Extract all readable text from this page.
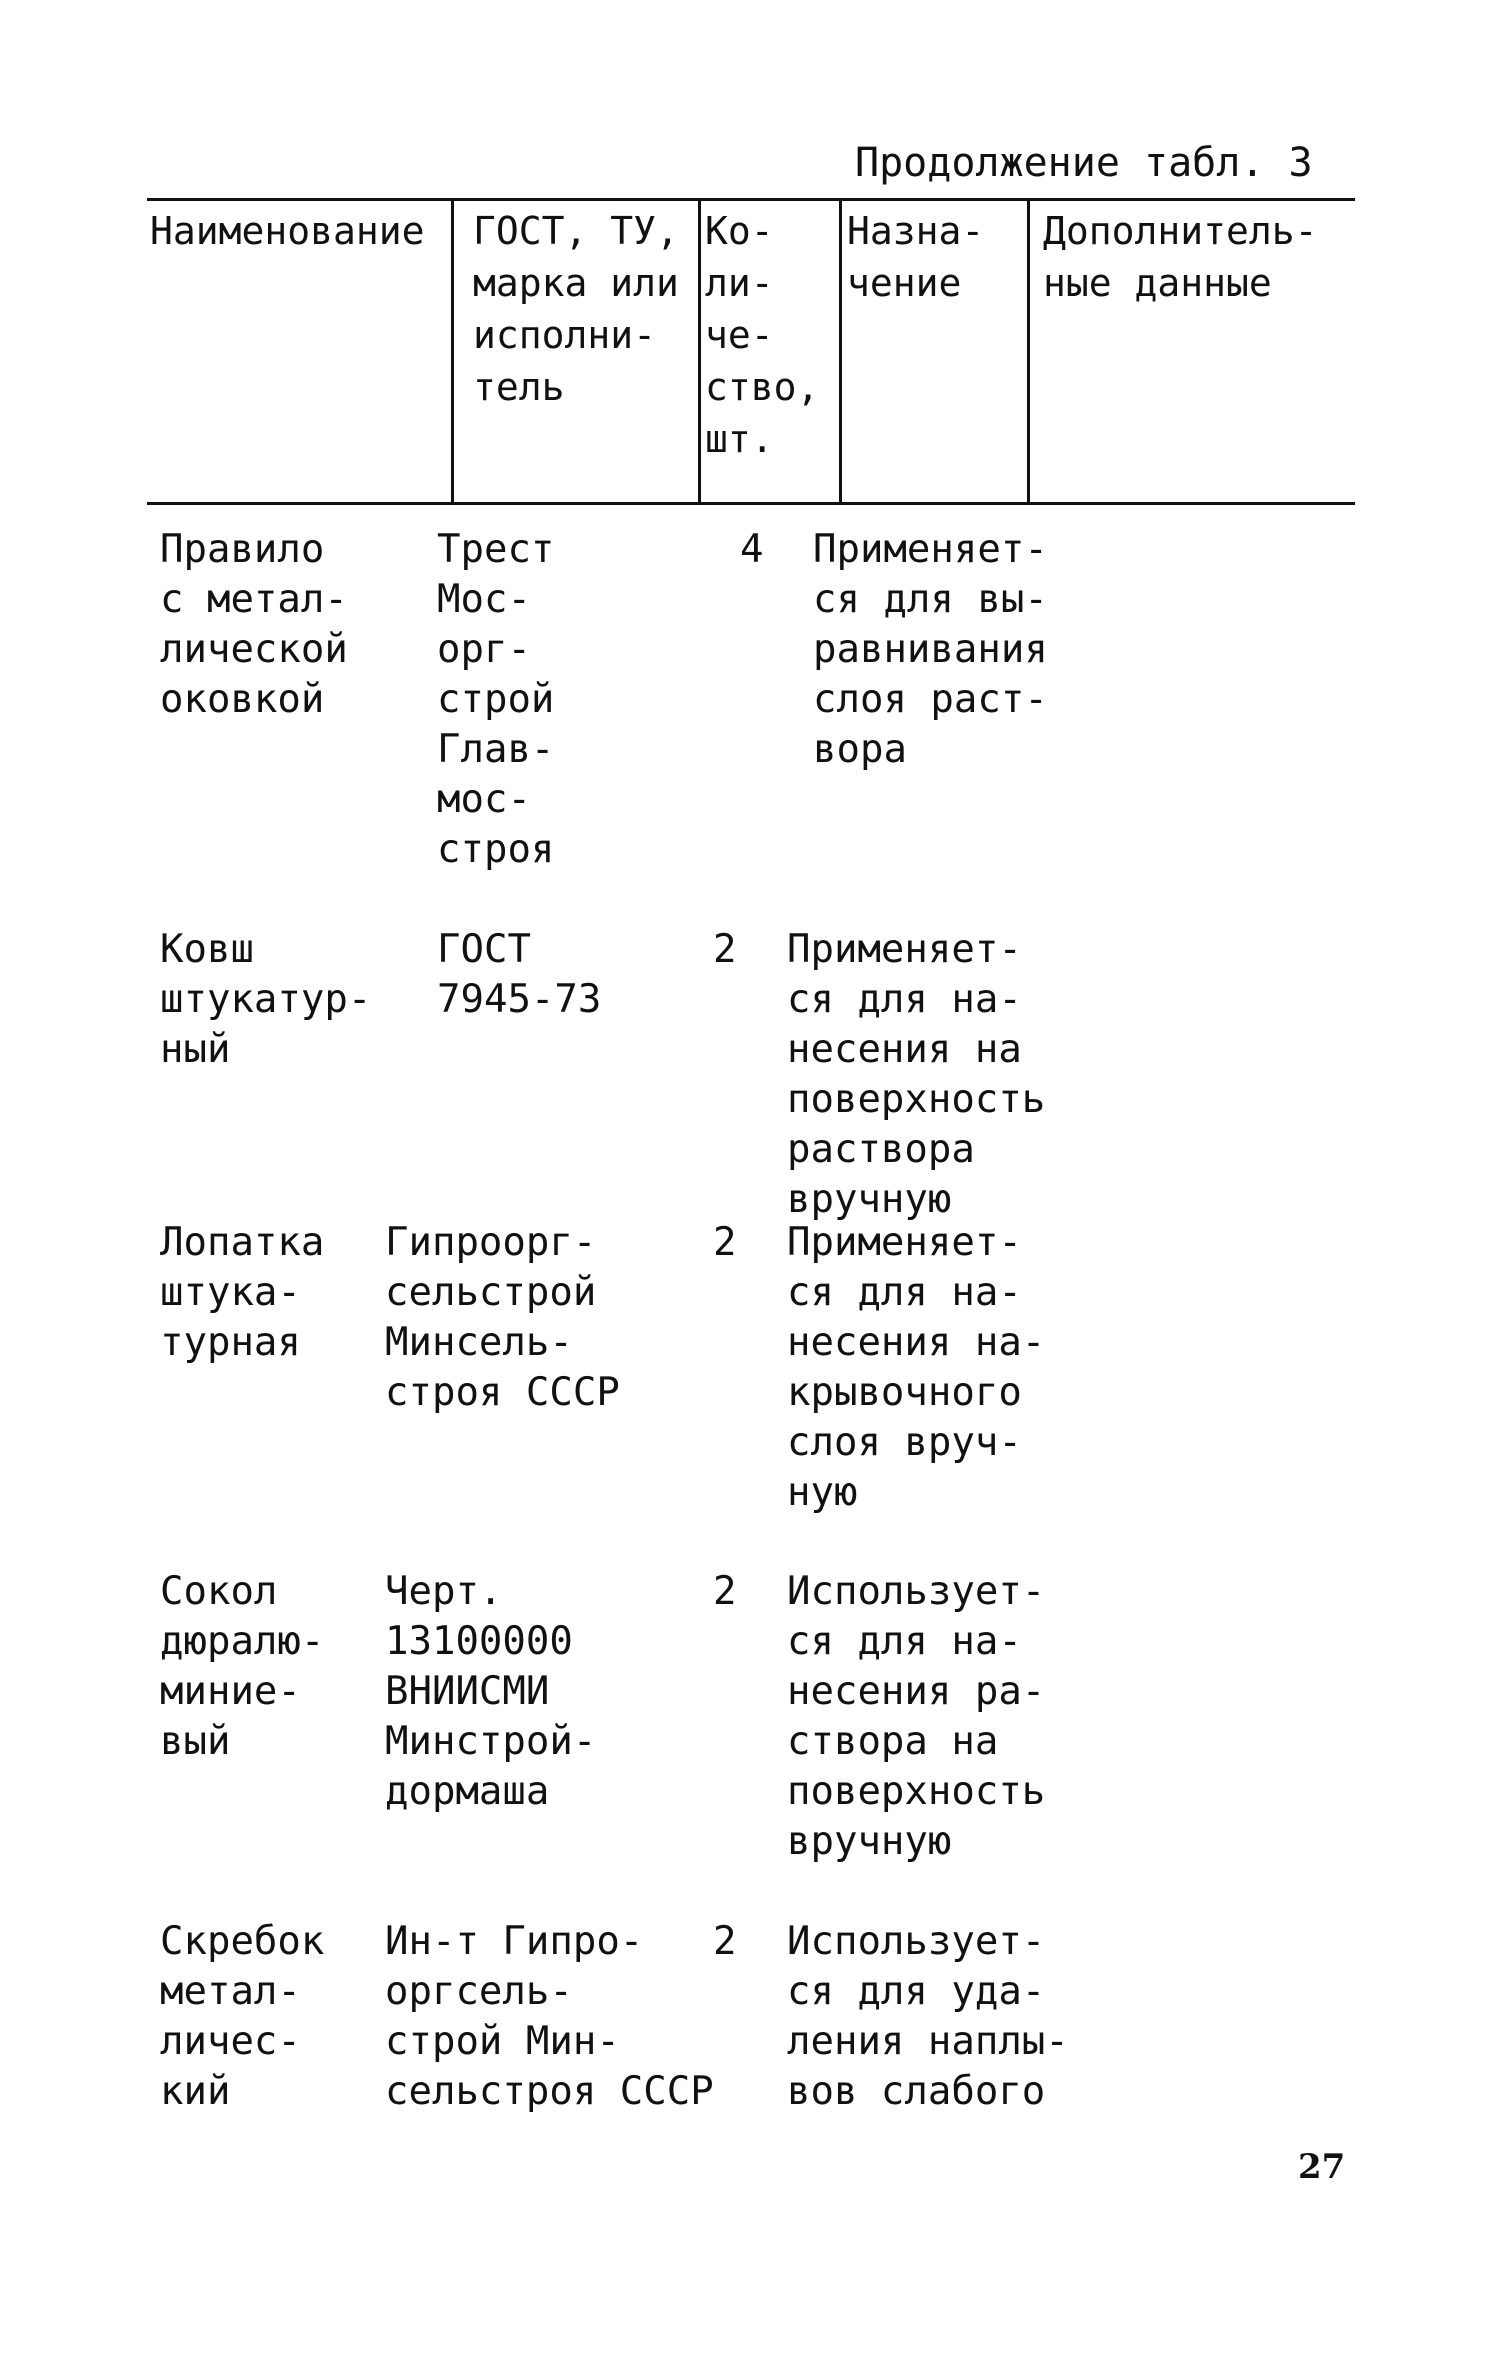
Продолжение табл. 3
Наименование ГОСТ, ТУ,
марка или
исполни-
тель
Ко-
ли-
че-
ство,
шт.
Назна-
чение
Дополнитель-
ные данные
Правило
с метал-
лической
оковкой
Трест
Мос-
орг-
строй
Глав-
мос-
строя
4 Применяет-
ся для вы-
равнивания
слоя раст-
вора
Ковш
штукатур-
ный
ГОСТ
7945-73
2 Применяет-
ся для на-
несения на
поверхность
раствора
вручную
Лопатка
штука-
турная
Гипроорг-
сельстрой
Минсель-
строя СССР
2 Применяет-
ся для на-
несения на-
крывочного
слоя вруч-
ную
Сокол
дюралю-
миние-
вый
Черт.
13100000
ВНИИСМИ
Минстрой-
дормаша
2 Использует-
ся для на-
несения ра-
створа на
поверхность
вручную
Скребок
метал-
личес-
кий
Ин-т Гипро-
оргсель-
строй Мин-
сельстроя СССР
2 Использует-
ся для уда-
ления наплы-
вов слабого
27
